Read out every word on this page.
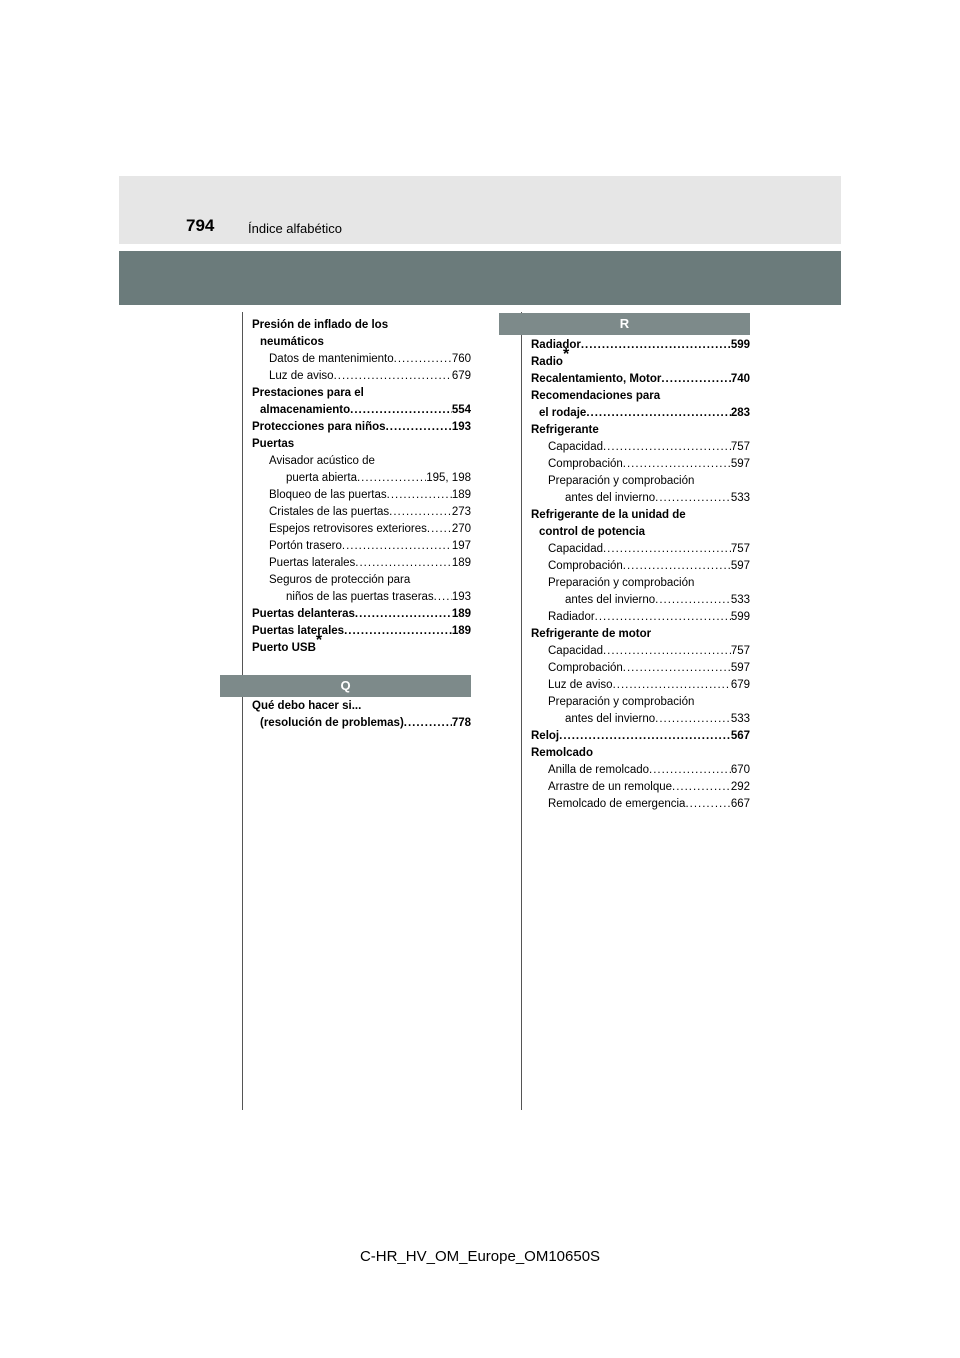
794	Índice alfabético
Presión de inflado de los
neumáticos
Datos de mantenimiento .....	760
Luz de aviso .....	679
Prestaciones para el
almacenamiento .....	554
Protecciones para niños .....	193
Puertas
Avisador acústico de
puerta abierta .....	195, 198
Bloqueo de las puertas .....	189
Cristales de las puertas .....	273
Espejos retrovisores exteriores ..... 270
Portón trasero .....	197
Puertas laterales .....	189
Seguros de protección para
niños de las puertas traseras ..... 193
Puertas delanteras .....	189
Puertas laterales .....	189
Puerto USB*
Q
Qué debo hacer si...
(resolución de problemas) .....	778
R
Radiador .....	599
Radio*
Recalentamiento, Motor .....	740
Recomendaciones para
el rodaje .....	283
Refrigerante
Capacidad .....	757
Comprobación .....	597
Preparación y comprobación
antes del invierno .....	533
Refrigerante de la unidad de
control de potencia
Capacidad .....	757
Comprobación .....	597
Preparación y comprobación
antes del invierno .....	533
Radiador .....	599
Refrigerante de motor
Capacidad .....	757
Comprobación .....	597
Luz de aviso .....	679
Preparación y comprobación
antes del invierno .....	533
Reloj .....	567
Remolcado
Anilla de remolcado .....	670
Arrastre de un remolque .....	292
Remolcado de emergencia .....	667
C-HR_HV_OM_Europe_OM10650S
